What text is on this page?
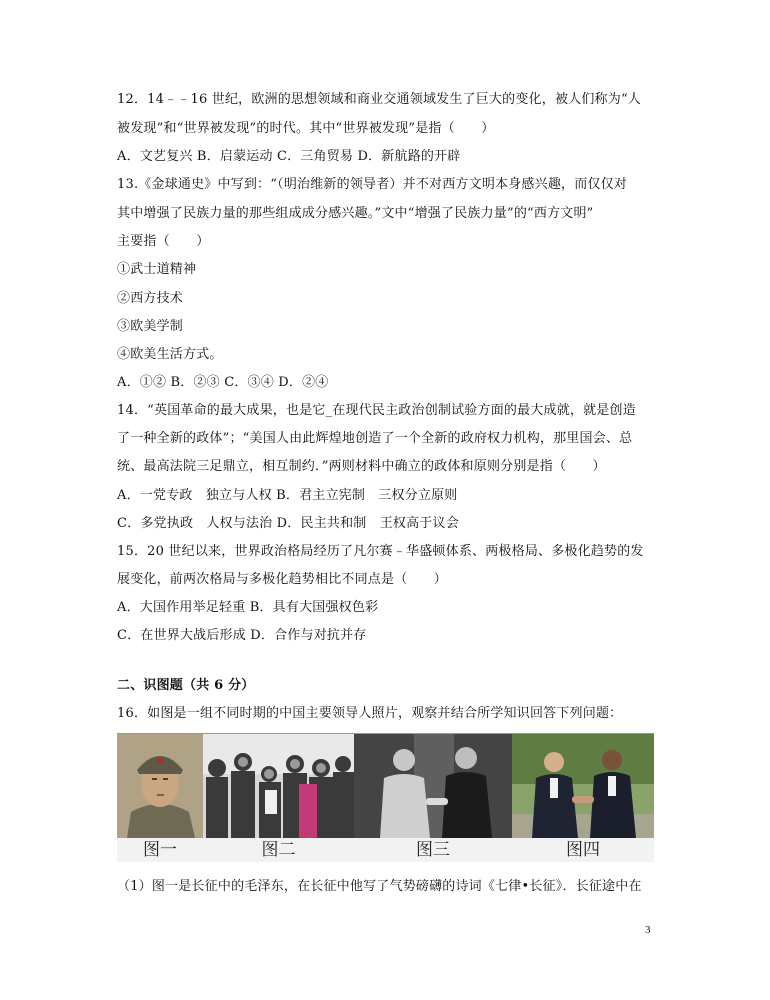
12．14﹣﹣16 世纪，欧洲的思想领域和商业交通领域发生了巨大的变化，被人们称为“人
被发现”和“世界被发现”的时代。其中“世界被发现”是指（　　）
A．文艺复兴 B．启蒙运动 C．三角贸易 D．新航路的开辟
13.《金球通史》中写到：“（明治维新的领导者）并不对西方文明本身感兴趣，而仅仅对
其中增强了民族力量的那些组成成分感兴趣。”文中“增强了民族力量”的“西方文明”
主要指（　　）
①武士道精神
②西方技术
③欧美学制
④欧美生活方式。
A．①② B．②③ C．③④ D．②④
14．“英国革命的最大成果，也是它_在现代民主政治创制试验方面的最大成就，就是创造
了一种全新的政体”；“美国人由此辉煌地创造了一个全新的政府权力机构，那里国会、总
统、最高法院三足鼎立，相互制约．”两则材料中确立的政体和原则分别是指（　　）
A．一党专政　独立与人权 B．君主立宪制　三权分立原则
C．多党执政　人权与法治 D．民主共和制　王权高于议会
15．20 世纪以来，世界政治格局经历了凡尔赛﹣华盛顿体系、两极格局、多极化趋势的发
展变化，前两次格局与多极化趋势相比不同点是（　　）
A．大国作用举足轻重 B．具有大国强权色彩
C．在世界大战后形成 D．合作与对抗并存
二、识图题（共 6 分）
16．如图是一组不同时期的中国主要领导人照片，观察并结合所学知识回答下列问题：
图一	图二	图三	图四
（1）图一是长征中的毛泽东，在长征中他写了气势磅礴的诗词《七律•长征》．长征途中在
3
